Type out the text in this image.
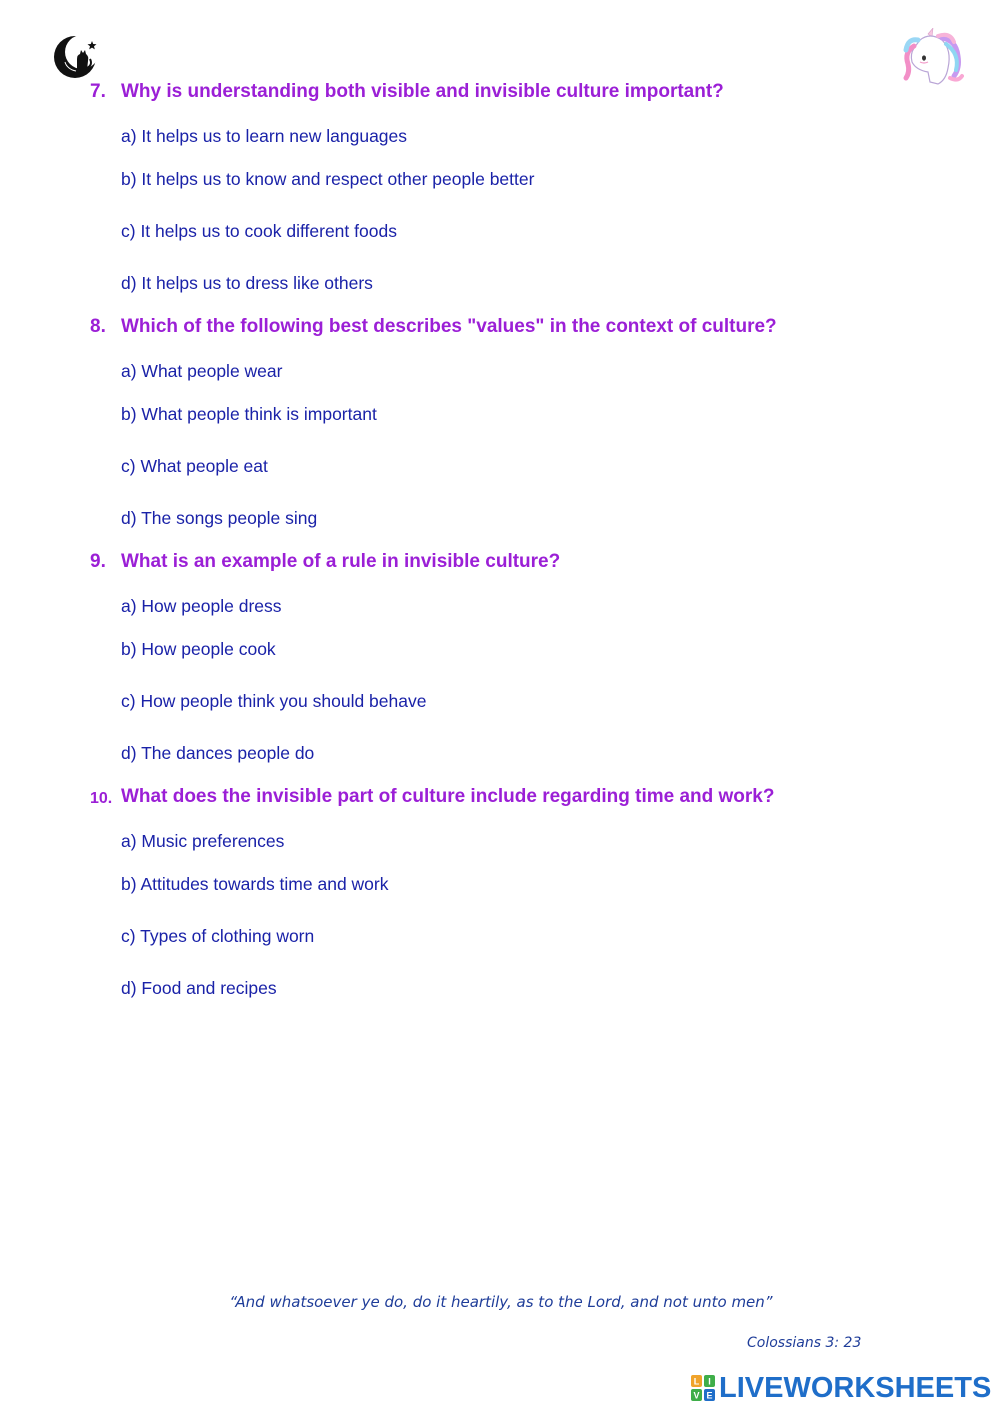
7. Why is understanding both visible and invisible culture important?
a) It helps us to learn new languages
b) It helps us to know and respect other people better
c) It helps us to cook different foods
d) It helps us to dress like others
8. Which of the following best describes "values" in the context of culture?
a) What people wear
b) What people think is important
c) What people eat
d) The songs people sing
9. What is an example of a rule in invisible culture?
a) How people dress
b) How people cook
c) How people think you should behave
d) The dances people do
10. What does the invisible part of culture include regarding time and work?
a) Music preferences
b) Attitudes towards time and work
c) Types of clothing worn
d) Food and recipes
“And whatsoever ye do, do it heartily, as to the Lord, and not unto men”
Colossians 3: 23
L I
V E LIVEWORKSHEETS
